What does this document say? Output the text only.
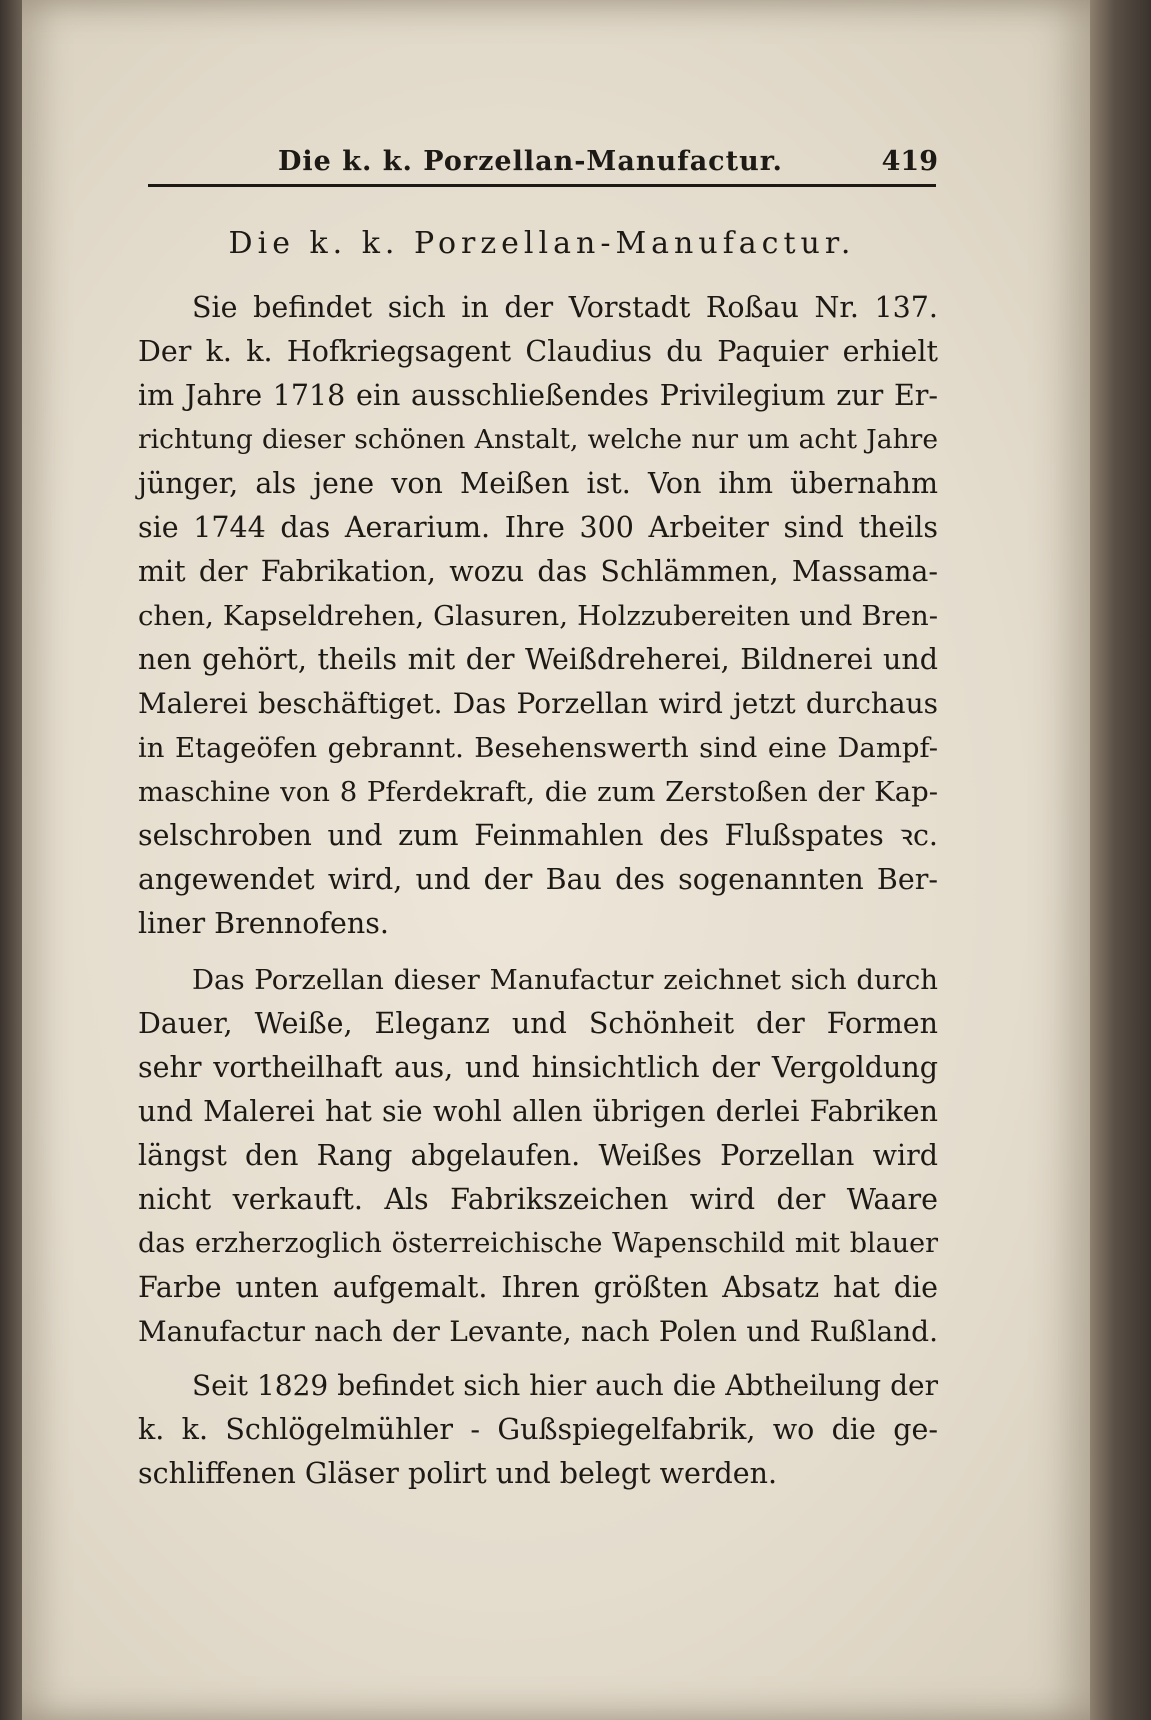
Die k. k. Porzellan-Manufactur.	419
Die k. k. Porzellan-Manufactur.
Sie befindet sich in der Vorstadt Roßau Nr. 137.
Der k. k. Hofkriegsagent Claudius du Paquier erhielt
im Jahre 1718 ein ausschließendes Privilegium zur Er-
richtung dieser schönen Anstalt, welche nur um acht Jahre
jünger, als jene von Meißen ist. Von ihm übernahm
sie 1744 das Aerarium. Ihre 300 Arbeiter sind theils
mit der Fabrikation, wozu das Schlämmen, Massama-
chen, Kapseldrehen, Glasuren, Holzzubereiten und Bren-
nen gehört, theils mit der Weißdreherei, Bildnerei und
Malerei beschäftiget. Das Porzellan wird jetzt durchaus
in Etageöfen gebrannt. Besehenswerth sind eine Dampf-
maschine von 8 Pferdekraft, die zum Zerstoßen der Kap-
selschroben und zum Feinmahlen des Flußspates ꝛc.
angewendet wird, und der Bau des sogenannten Ber-
liner Brennofens.
Das Porzellan dieser Manufactur zeichnet sich durch
Dauer, Weiße, Eleganz und Schönheit der Formen
sehr vortheilhaft aus, und hinsichtlich der Vergoldung
und Malerei hat sie wohl allen übrigen derlei Fabriken
längst den Rang abgelaufen. Weißes Porzellan wird
nicht verkauft. Als Fabrikszeichen wird der Waare
das erzherzoglich österreichische Wapenschild mit blauer
Farbe unten aufgemalt. Ihren größten Absatz hat die
Manufactur nach der Levante, nach Polen und Rußland.
Seit 1829 befindet sich hier auch die Abtheilung der
k. k. Schlögelmühler - Gußspiegelfabrik, wo die ge-
schliffenen Gläser polirt und belegt werden.
